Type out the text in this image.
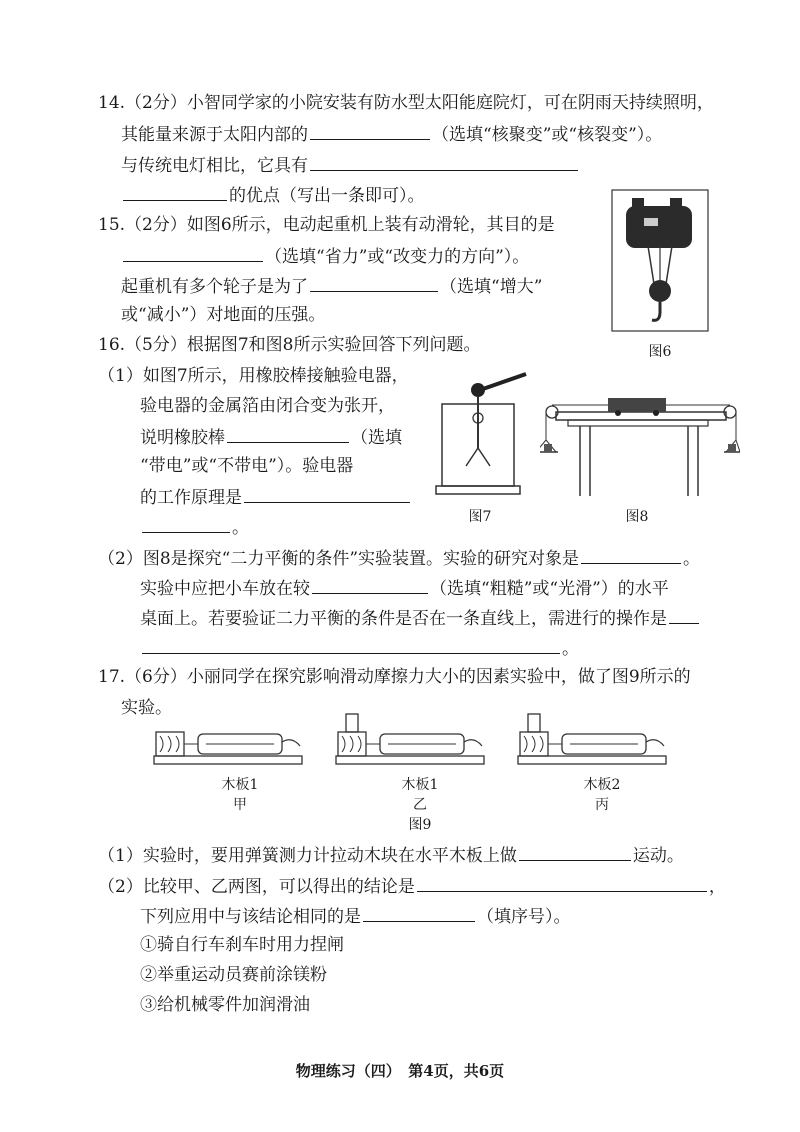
14.（2分）小智同学家的小院安装有防水型太阳能庭院灯，可在阴雨天持续照明，
其能量来源于太阳内部的	（选填“核聚变”或“核裂变”）。
与传统电灯相比，它具有
的优点（写出一条即可）。
15.（2分）如图6所示，电动起重机上装有动滑轮，其目的是
（选填“省力”或“改变力的方向”）。
起重机有多个轮子是为了	（选填“增大”
或“减小”）对地面的压强。
图6
16.（5分）根据图7和图8所示实验回答下列问题。
（1）如图7所示，用橡胶棒接触验电器，
验电器的金属箔由闭合变为张开，
说明橡胶棒	（选填
“带电”或“不带电”）。验电器
的工作原理是
。
图7	图8
（2）图8是探究“二力平衡的条件”实验装置。实验的研究对象是	。
实验中应把小车放在较	（选填“粗糙”或“光滑”）的水平
桌面上。若要验证二力平衡的条件是否在一条直线上，需进行的操作是
。
17.（6分）小丽同学在探究影响滑动摩擦力大小的因素实验中，做了图9所示的
实验。
木板1
甲
木板1
乙
木板2
丙
图9
（1）实验时，要用弹簧测力计拉动木块在水平木板上做	运动。
（2）比较甲、乙两图，可以得出的结论是	，
下列应用中与该结论相同的是	（填序号）。
①骑自行车刹车时用力捏闸
②举重运动员赛前涂镁粉
③给机械零件加润滑油
物理练习（四）　第4页，共6页
